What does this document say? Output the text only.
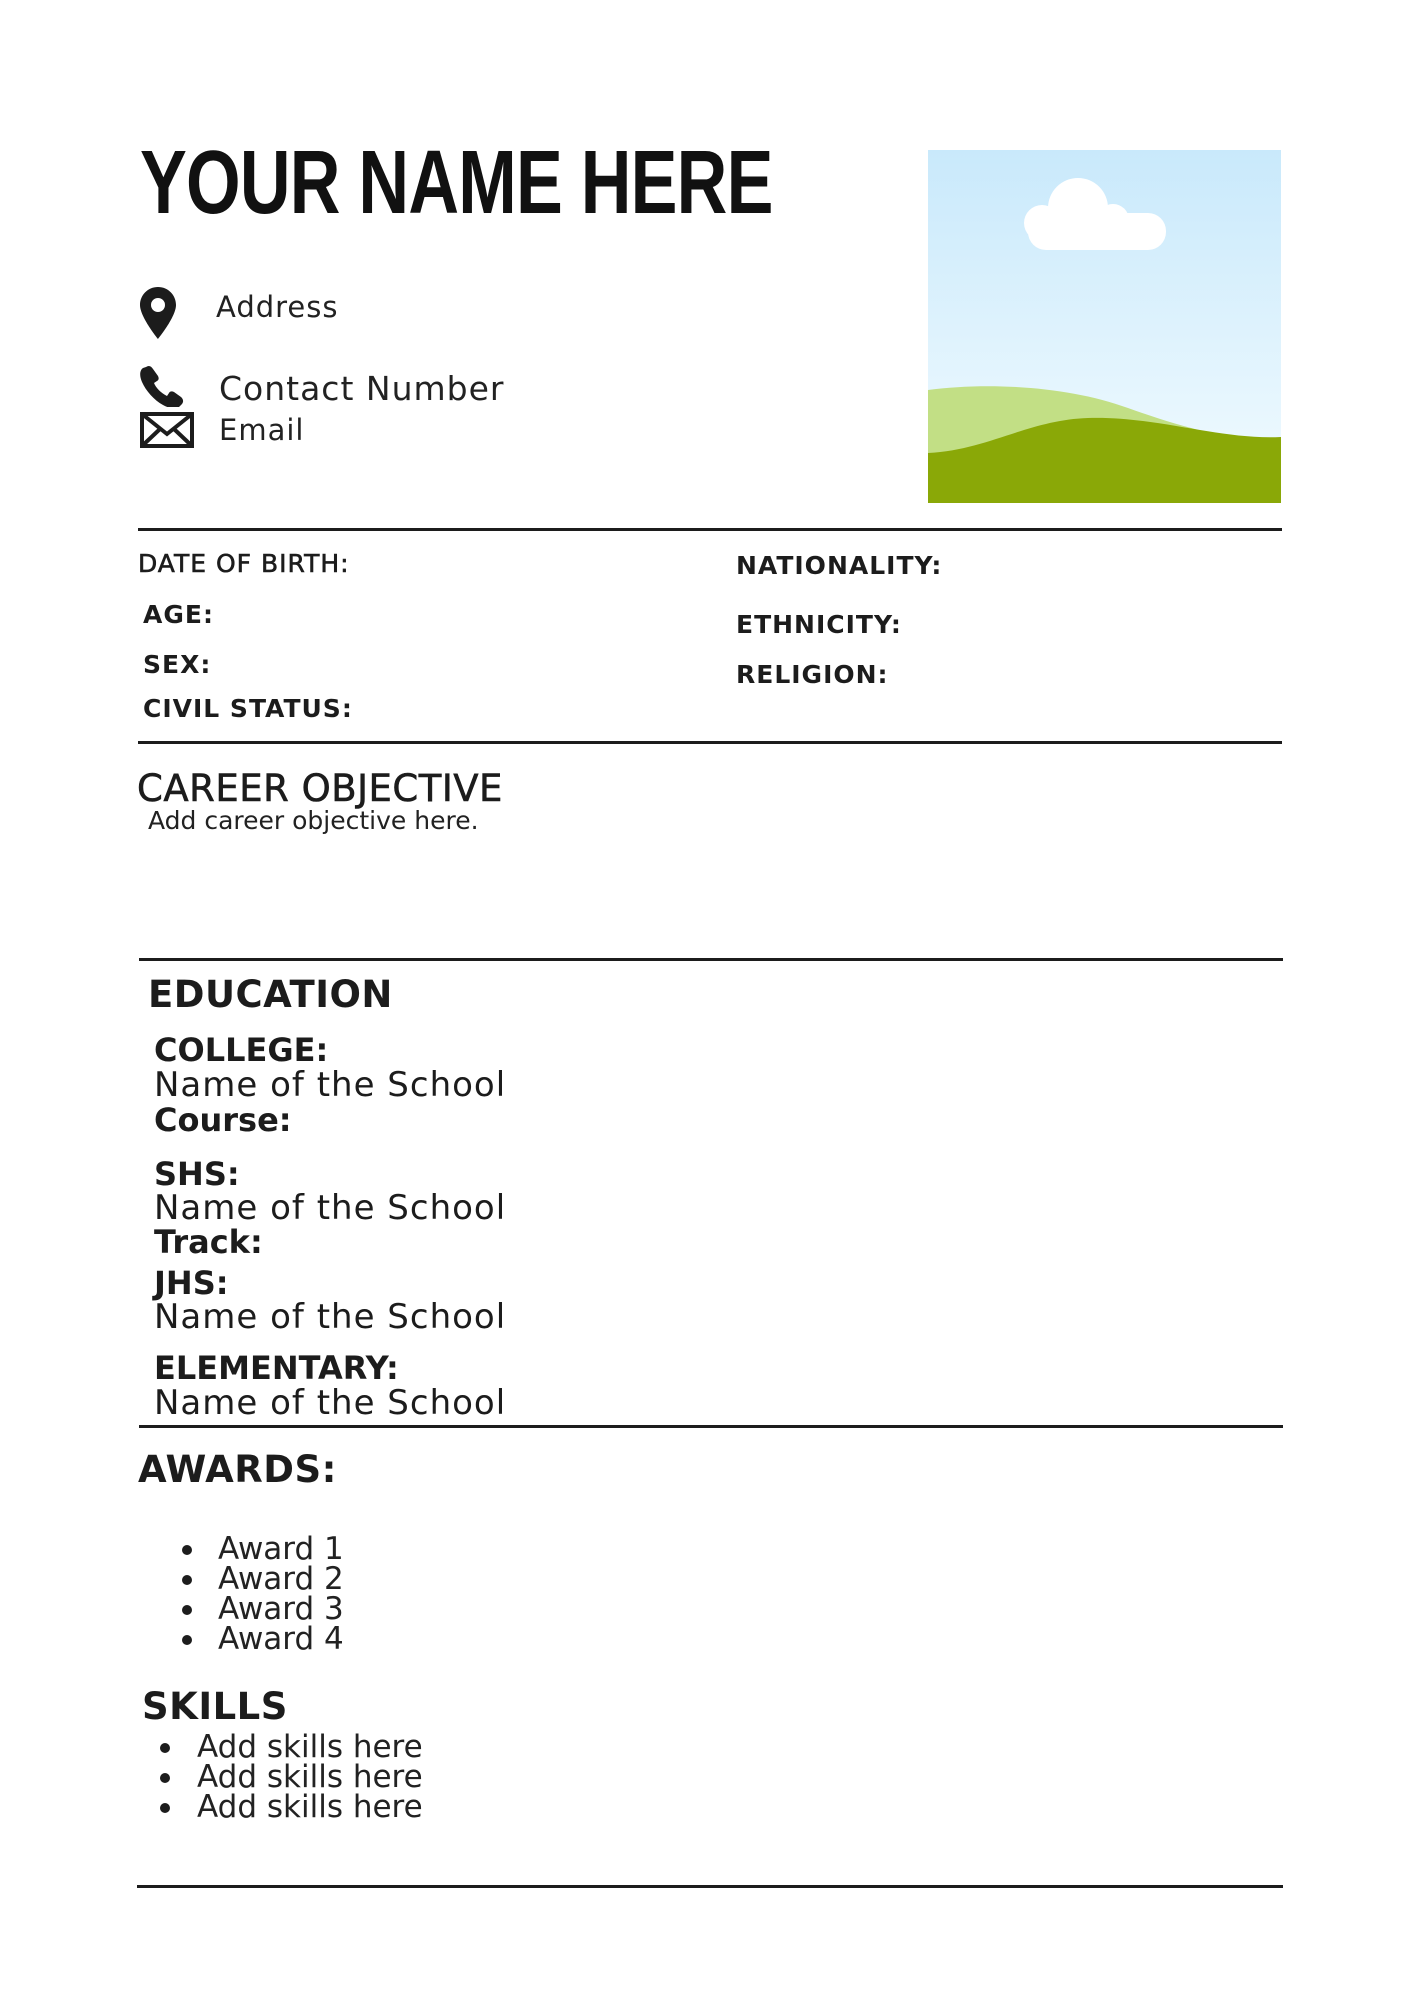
YOUR NAME HERE
Address
Contact Number
Email
DATE OF BIRTH:
AGE:
SEX:
CIVIL STATUS:
NATIONALITY:
ETHNICITY:
RELIGION:
CAREER OBJECTIVE
Add career objective here.
EDUCATION
COLLEGE:
Name of the School
Course:
SHS:
Name of the School
Track:
JHS:
Name of the School
ELEMENTARY:
Name of the School
AWARDS:
Award 1
Award 2
Award 3
Award 4
SKILLS
Add skills here
Add skills here
Add skills here
